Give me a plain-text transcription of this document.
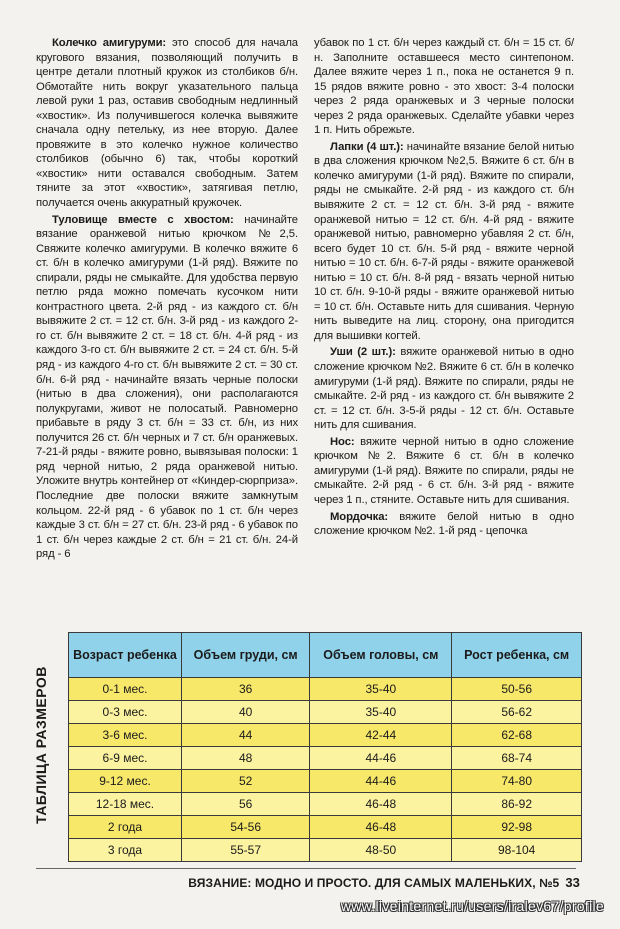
Колечко амигуруми: это способ для начала кругового вязания, позволяющий получить в центре детали плотный кружок из столбиков б/н. Обмотайте нить вокруг указательного пальца левой руки 1 раз, оставив свободным недлинный «хвостик». Из получившегося колечка вывяжите сначала одну петельку, из нее вторую. Далее провяжите в это колечко нужное количество столбиков (обычно 6) так, чтобы короткий «хвостик» нити оставался свободным. Затем тяните за этот «хвостик», затягивая петлю, получается очень аккуратный кружочек.

Туловище вместе с хвостом: начинайте вязание оранжевой нитью крючком №2,5. Свяжите колечко амигуруми. В колечко вяжите 6 ст. б/н в колечко амигуруми (1-й ряд). Вяжите по спирали, ряды не смыкайте. Для удобства первую петлю ряда можно помечать кусочком нити контрастного цвета. 2-й ряд - из каждого ст. б/н вывяжите 2 ст. = 12 ст. б/н. 3-й ряд - из каждого 2-го ст. б/н вывяжите 2 ст. = 18 ст. б/н. 4-й ряд - из каждого 3-го ст. б/н вывяжите 2 ст. = 24 ст. б/н. 5-й ряд - из каждого 4-го ст. б/н вывяжите 2 ст. = 30 ст. б/н. 6-й ряд - начинайте вязать черные полоски (нитью в два сложения), они располагаются полукругами, живот не полосатый. Равномерно прибавьте в ряду 3 ст. б/н = 33 ст. б/н, из них получится 26 ст. б/н черных и 7 ст. б/н оранжевых. 7-21-й ряды - вяжите ровно, вывязывая полоски: 1 ряд черной нитью, 2 ряда оранжевой нитью. Уложите внутрь контейнер от «Киндер-сюрприза». Последние две полоски вяжите замкнутым кольцом. 22-й ряд - 6 убавок по 1 ст. б/н через каждые 3 ст. б/н = 27 ст. б/н. 23-й ряд - 6 убавок по 1 ст. б/н через каждые 2 ст. б/н = 21 ст. б/н. 24-й ряд - 6

убавок по 1 ст. б/н через каждый ст. б/н = 15 ст. б/н. Заполните оставшееся место синтепоном. Далее вяжите через 1 п., пока не останется 9 п. 15 рядов вяжите ровно - это хвост: 3-4 полоски через 2 ряда оранжевых и 3 черные полоски через 2 ряда оранжевых. Сделайте убавки через 1 п. Нить обрежьте.

Лапки (4 шт.): начинайте вязание белой нитью в два сложения крючком №2,5. Вяжите 6 ст. б/н в колечко амигуруми (1-й ряд). Вяжите по спирали, ряды не смыкайте. 2-й ряд - из каждого ст. б/н вывяжите 2 ст. = 12 ст. б/н. 3-й ряд - вяжите оранжевой нитью = 12 ст. б/н. 4-й ряд - вяжите оранжевой нитью, равномерно убавляя 2 ст. б/н, всего будет 10 ст. б/н. 5-й ряд - вяжите черной нитью = 10 ст. б/н. 6-7-й ряды - вяжите оранжевой нитью = 10 ст. б/н. 8-й ряд - вязать черной нитью 10 ст. б/н. 9-10-й ряды - вяжите оранжевой нитью = 10 ст. б/н. Оставьте нить для сшивания. Черную нить выведите на лиц. сторону, она пригодится для вышивки когтей.

Уши (2 шт.): вяжите оранжевой нитью в одно сложение крючком №2. Вяжите 6 ст. б/н в колечко амигуруми (1-й ряд). Вяжите по спирали, ряды не смыкайте. 2-й ряд - из каждого ст. б/н вывяжите 2 ст. = 12 ст. б/н. 3-5-й ряды - 12 ст. б/н. Оставьте нить для сшивания.

Нос: вяжите черной нитью в одно сложение крючком №2. Вяжите 6 ст. б/н в колечко амигуруми (1-й ряд). Вяжите по спирали, ряды не смыкайте. 2-й ряд - 6 ст. б/н. 3-й ряд - вяжите через 1 п., стяните. Оставьте нить для сшивания.

Мордочка: вяжите белой нитью в одно сложение крючком №2. 1-й ряд - цепочка

ТАБЛИЦА РАЗМЕРОВ
Возраст ребенка	Объем груди, см	Объем головы, см	Рост ребенка, см
0-1 мес.	36	35-40	50-56
0-3 мес.	40	35-40	56-62
3-6 мес.	44	42-44	62-68
6-9 мес.	48	44-46	68-74
9-12 мес.	52	44-46	74-80
12-18 мес.	56	46-48	86-92
2 года	54-56	46-48	92-98
3 года	55-57	48-50	98-104
ВЯЗАНИЕ: МОДНО И ПРОСТО. ДЛЯ САМЫХ МАЛЕНЬКИХ, №5 33
www.liveinternet.ru/users/iralev67/profile
